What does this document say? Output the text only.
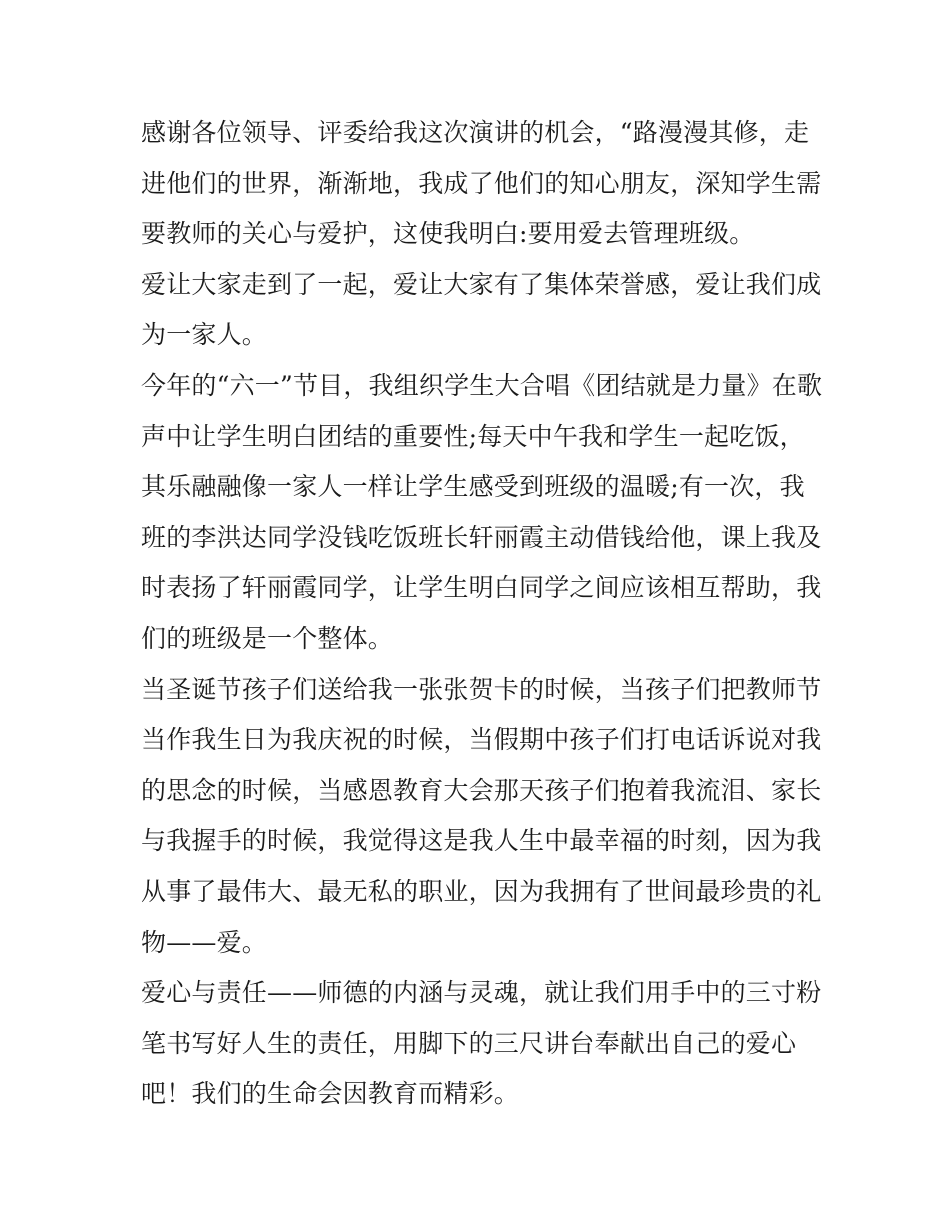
感谢各位领导、评委给我这次演讲的机会，“路漫漫其修，走
进他们的世界，渐渐地，我成了他们的知心朋友，深知学生需
要教师的关心与爱护，这使我明白:要用爱去管理班级。
爱让大家走到了一起，爱让大家有了集体荣誉感，爱让我们成
为一家人。
今年的“六一”节目，我组织学生大合唱《团结就是力量》在歌
声中让学生明白团结的重要性;每天中午我和学生一起吃饭，
其乐融融像一家人一样让学生感受到班级的温暖;有一次，我
班的李洪达同学没钱吃饭班长轩丽霞主动借钱给他，课上我及
时表扬了轩丽霞同学，让学生明白同学之间应该相互帮助，我
们的班级是一个整体。
当圣诞节孩子们送给我一张张贺卡的时候，当孩子们把教师节
当作我生日为我庆祝的时候，当假期中孩子们打电话诉说对我
的思念的时候，当感恩教育大会那天孩子们抱着我流泪、家长
与我握手的时候，我觉得这是我人生中最幸福的时刻，因为我
从事了最伟大、最无私的职业，因为我拥有了世间最珍贵的礼
物——爱。
爱心与责任——师德的内涵与灵魂，就让我们用手中的三寸粉
笔书写好人生的责任，用脚下的三尺讲台奉献出自己的爱心
吧！我们的生命会因教育而精彩。
